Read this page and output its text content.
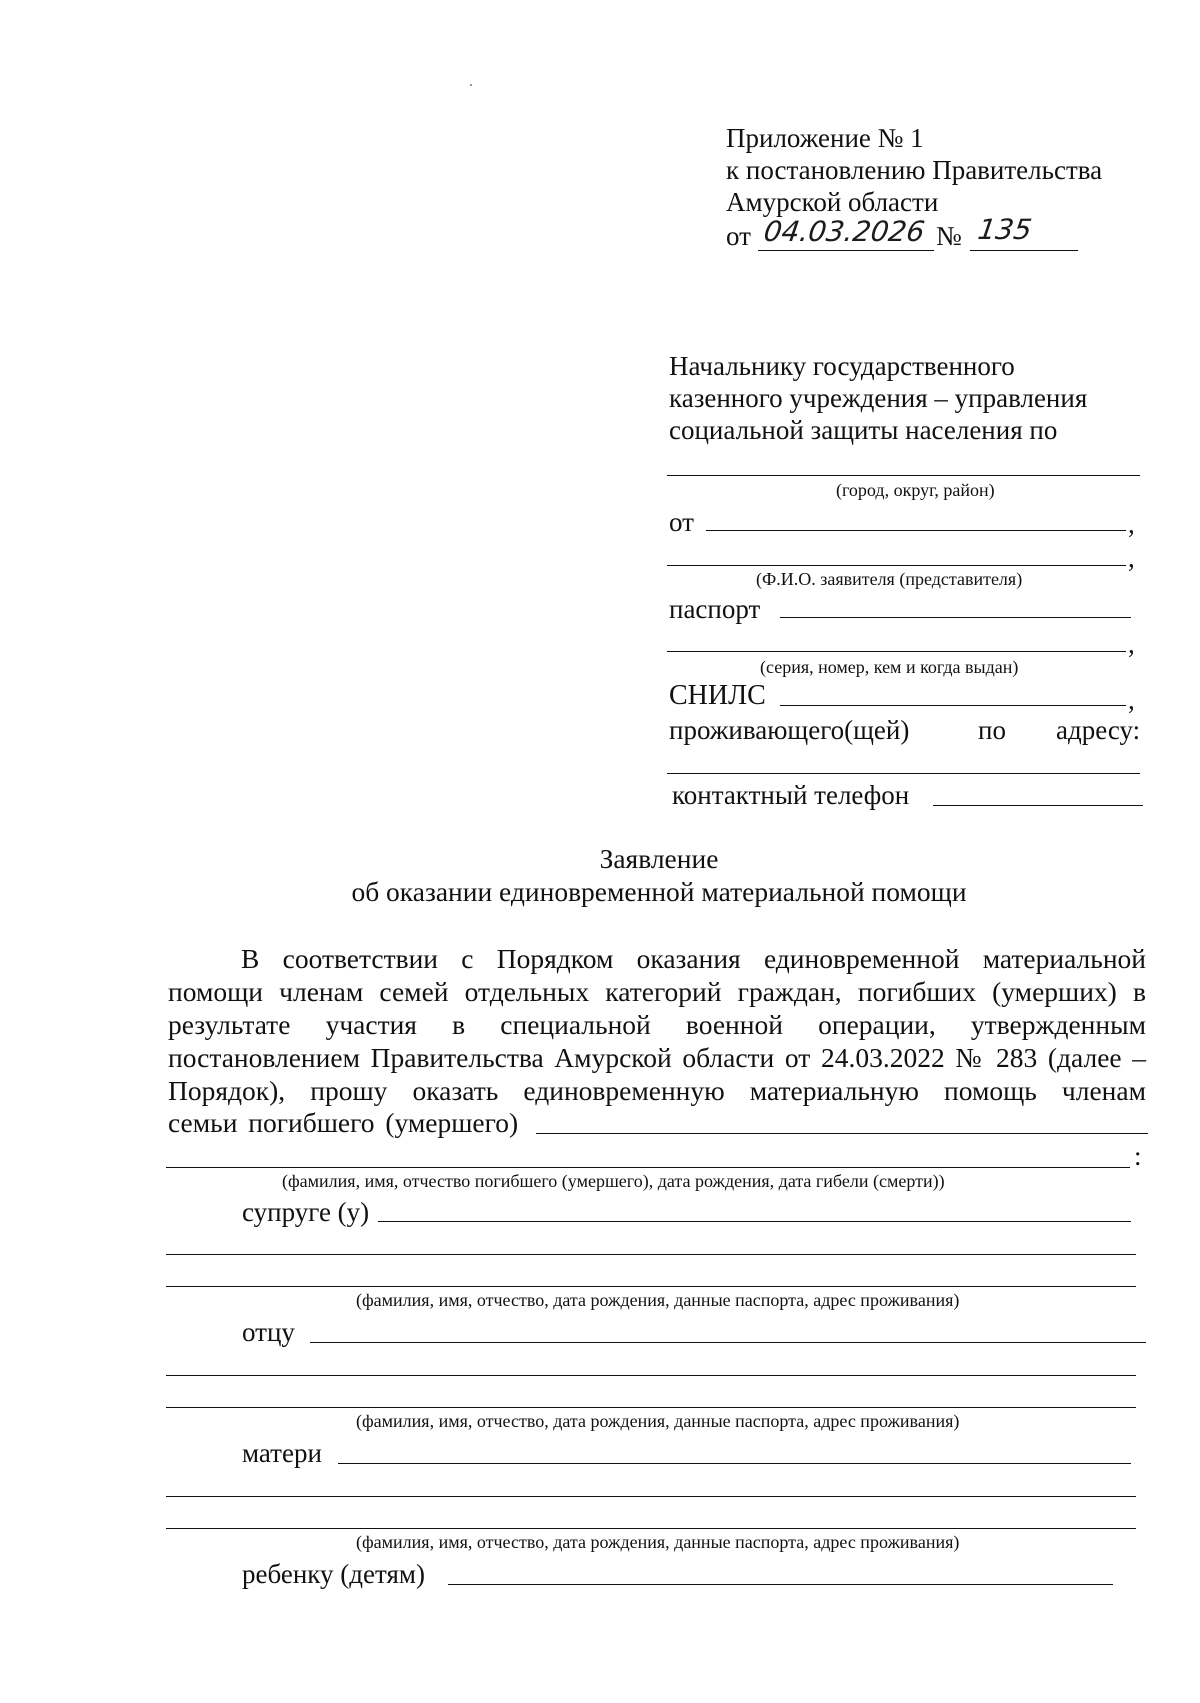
Приложение № 1
к постановлению Правительства
Амурской области
от 04.03.2026 № 135
Начальнику государственного
казенного учреждения – управления
социальной защиты населения по
(город, округ, район)
от	,
,
(Ф.И.О. заявителя (представителя)
паспорт
,
(серия, номер, кем и когда выдан)
СНИЛС	,
проживающего(щей)	по адресу:
контактный телефон
Заявление
об оказании единовременной материальной помощи
В соответствии с Порядком оказания единовременной материальной
помощи членам семей отдельных категорий граждан, погибших (умерших) в
результате участия в специальной военной операции, утвержденным
постановлением Правительства Амурской области от 24.03.2022 № 283 (далее –
Порядок), прошу оказать единовременную материальную помощь членам
семьи погибшего (умершего)
:
(фамилия, имя, отчество погибшего (умершего), дата рождения, дата гибели (смерти))
супруге (у)
(фамилия, имя, отчество, дата рождения, данные паспорта, адрес проживания)
отцу
(фамилия, имя, отчество, дата рождения, данные паспорта, адрес проживания)
матери
(фамилия, имя, отчество, дата рождения, данные паспорта, адрес проживания)
ребенку (детям)
